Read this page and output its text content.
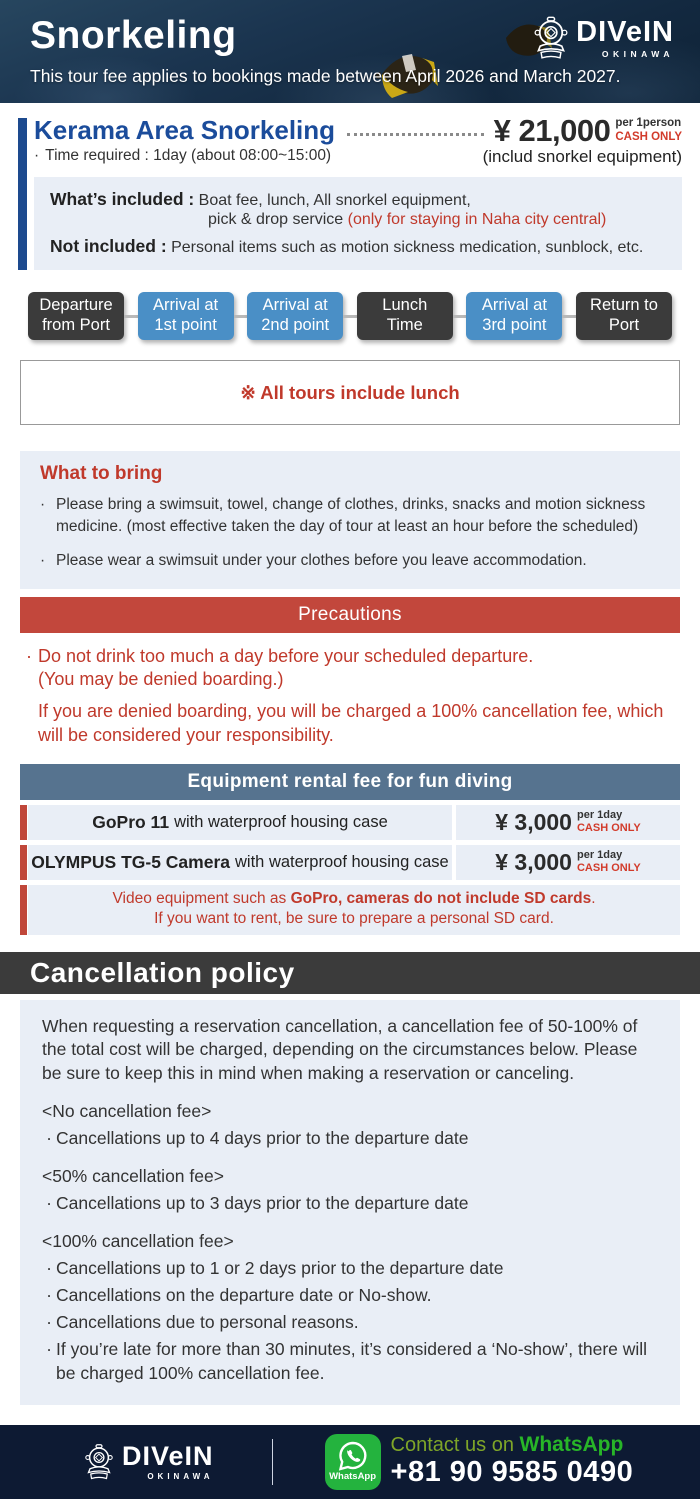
Snorkeling

This tour fee applies to bookings made between April 2026 and March 2027.

DIVeIN
OKINAWA
Kerama Area Snorkeling	¥ 21,000 per 1person
CASH ONLY
· Time required : 1day (about 08:00~15:00)	(includ snorkel equipment)
What’s included : Boat fee, lunch, All snorkel equipment,
pick & drop service (only for staying in Naha city central)
Not included : Personal items such as motion sickness medication, sunblock, etc.
Departure
from Port
Arrival at
1st point
Arrival at
2nd point
Lunch
Time
Arrival at
3rd point
Return to
Port
※ All tours include lunch
What to bring
· Please bring a swimsuit, towel, change of clothes, drinks, snacks and motion sickness medicine. (most effective taken the day of tour at least an hour before the scheduled)
· Please wear a swimsuit under your clothes before you leave accommodation.
Precautions
· Do not drink too much a day before your scheduled departure.
(You may be denied boarding.)
If you are denied boarding, you will be charged a 100% cancellation fee, which will be considered your responsibility.
Equipment rental fee for fun diving
GoPro 11 with waterproof housing case	¥ 3,000 per 1day
CASH ONLY
OLYMPUS TG-5 Camera with waterproof housing case ¥ 3,000 per 1day
CASH ONLY
Video equipment such as GoPro, cameras do not include SD cards.
If you want to rent, be sure to prepare a personal SD card.
Cancellation policy

When requesting a reservation cancellation, a cancellation fee of 50-100% of the total cost will be charged, depending on the circumstances below. Please be sure to keep this in mind when making a reservation or canceling.

<No cancellation fee>
· Cancellations up to 4 days prior to the departure date
<50% cancellation fee>
· Cancellations up to 3 days prior to the departure date
<100% cancellation fee>
· Cancellations up to 1 or 2 days prior to the departure date
· Cancellations on the departure date or No-show.
· Cancellations due to personal reasons.
· If you’re late for more than 30 minutes, it’s considered a ‘No-show’, there will be charged 100% cancellation fee.
DIVeIN
OKINAWA	WhatsApp
Contact us on WhatsApp
+81 90 9585 0490
